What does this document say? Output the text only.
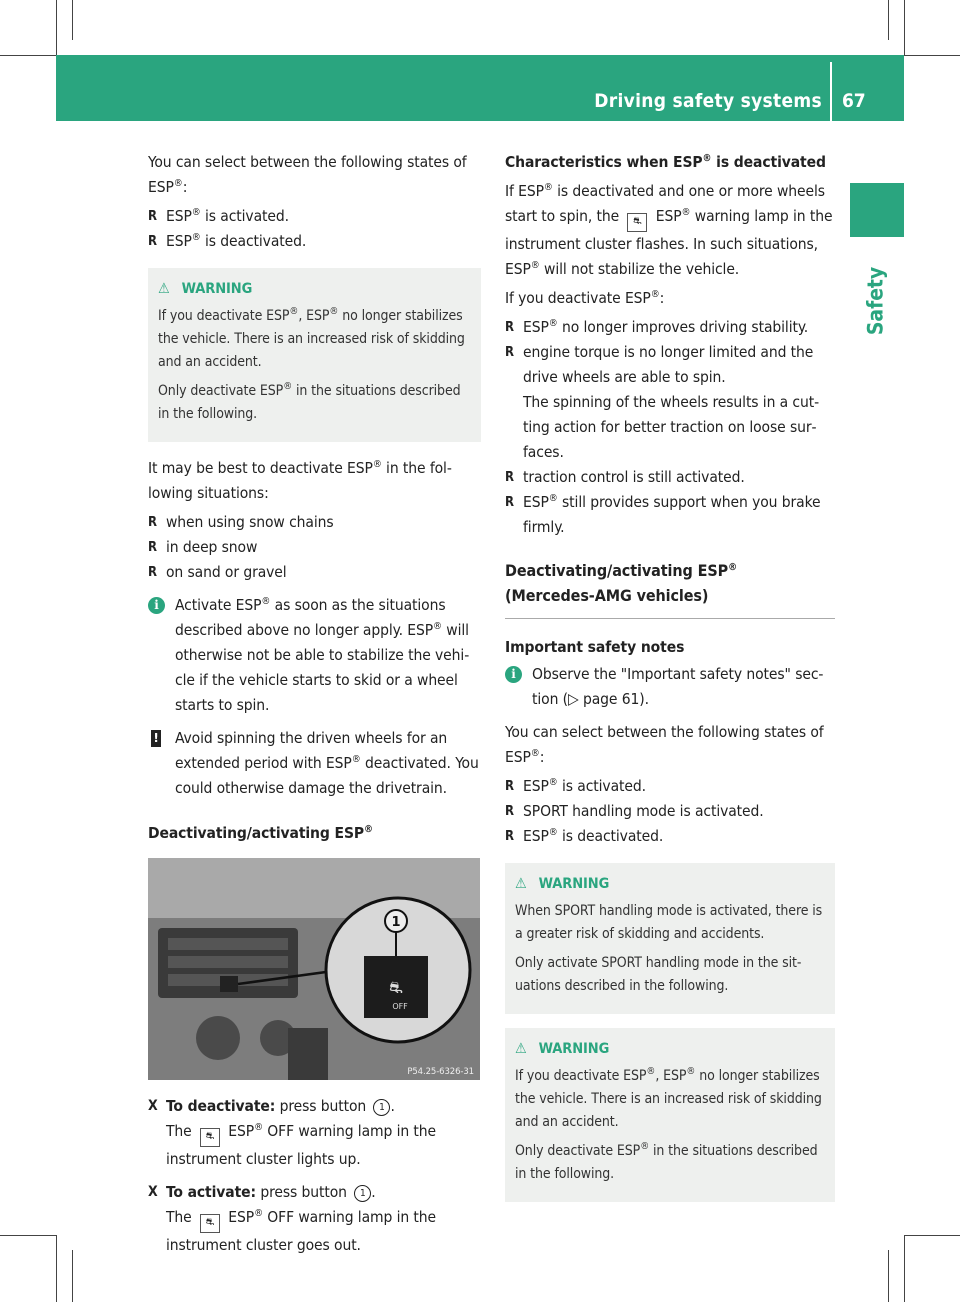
Driving safety systems 67
Safety

You can select between the following states of ESP®:

R ESP® is activated.

R ESP® is deactivated.

⚠ WARNING

If you deactivate ESP®, ESP® no longer stabilizes the vehicle. There is an increased risk of skidding and an accident.

Only deactivate ESP® in the situations described in the following.

It may be best to deactivate ESP® in the following situations:

R when using snow chains

R in deep snow

R on sand or gravel

i	Activate ESP® as soon as the situations described above no longer apply. ESP® will otherwise not be able to stabilize the vehicle if the vehicle starts to skid or a wheel starts to spin.
! Avoid spinning the driven wheels for an extended period with ESP® deactivated. You could otherwise damage the drivetrain.
Deactivating/activating ESP®
⛐
OFF
1
P54.25-6326-31
X To deactivate: press button 1 .
The ⛐ ESP® OFF warning lamp in the instrument cluster lights up.
X To activate: press button 1 .
The ⛐ ESP® OFF warning lamp in the instrument cluster goes out.
Characteristics when ESP® is deactivated

If ESP® is deactivated and one or more wheels start to spin, the ⛐ ESP® warning lamp in the instrument cluster flashes. In such situations, ESP® will not stabilize the vehicle.

If you deactivate ESP®:

R ESP® no longer improves driving stability.

R engine torque is no longer limited and the drive wheels are able to spin.
The spinning of the wheels results in a cutting action for better traction on loose surfaces.

R traction control is still activated.

R ESP® still provides support when you brake firmly.

Deactivating/activating ESP®
(Mercedes-AMG vehicles)
Important safety notes
i	Observe the "Important safety notes" section (▷ page 61).

You can select between the following states of ESP®:

R ESP® is activated.

R SPORT handling mode is activated.

R ESP® is deactivated.

⚠ WARNING

When SPORT handling mode is activated, there is a greater risk of skidding and accidents.

Only activate SPORT handling mode in the situations described in the following.

⚠ WARNING

If you deactivate ESP®, ESP® no longer stabilizes the vehicle. There is an increased risk of skidding and an accident.

Only deactivate ESP® in the situations described in the following.
